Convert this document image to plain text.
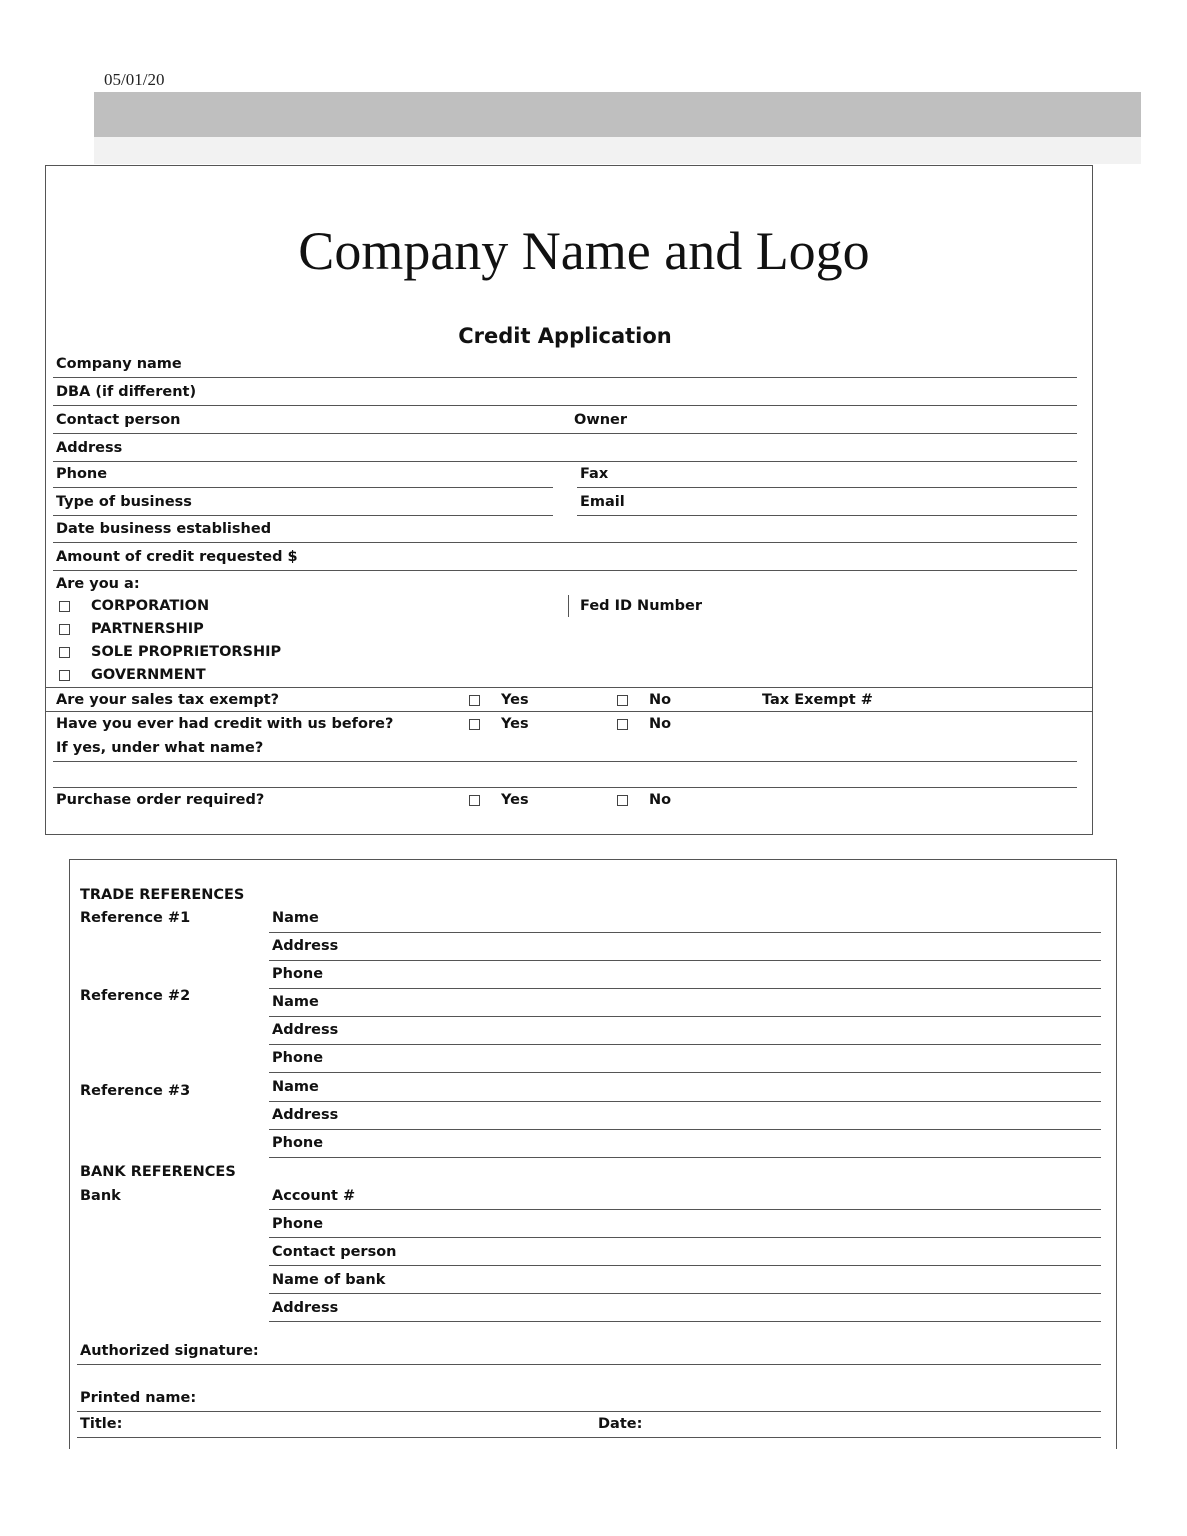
05/01/20
Company Name and Logo
Credit Application
Company name
DBA (if different)
Contact person	Owner
Address
Phone	Fax
Type of business	Email
Date business established
Amount of credit requested $
Are you a:
CORPORATION
PARTNERSHIP
SOLE PROPRIETORSHIP
GOVERNMENT
Fed ID Number
Are your sales tax exempt?	Yes	No	Tax Exempt #
Have you ever had credit with us before?	Yes	No
If yes, under what name?
Purchase order required?	Yes	No
TRADE REFERENCES
Reference #1	Name
Address
Phone
Reference #2	Name
Address
Phone
Reference #3	Name
Address
Phone
BANK REFERENCES
Bank	Account #
Phone
Contact person
Name of bank
Address
Authorized signature:
Printed name:
Title:	Date:
